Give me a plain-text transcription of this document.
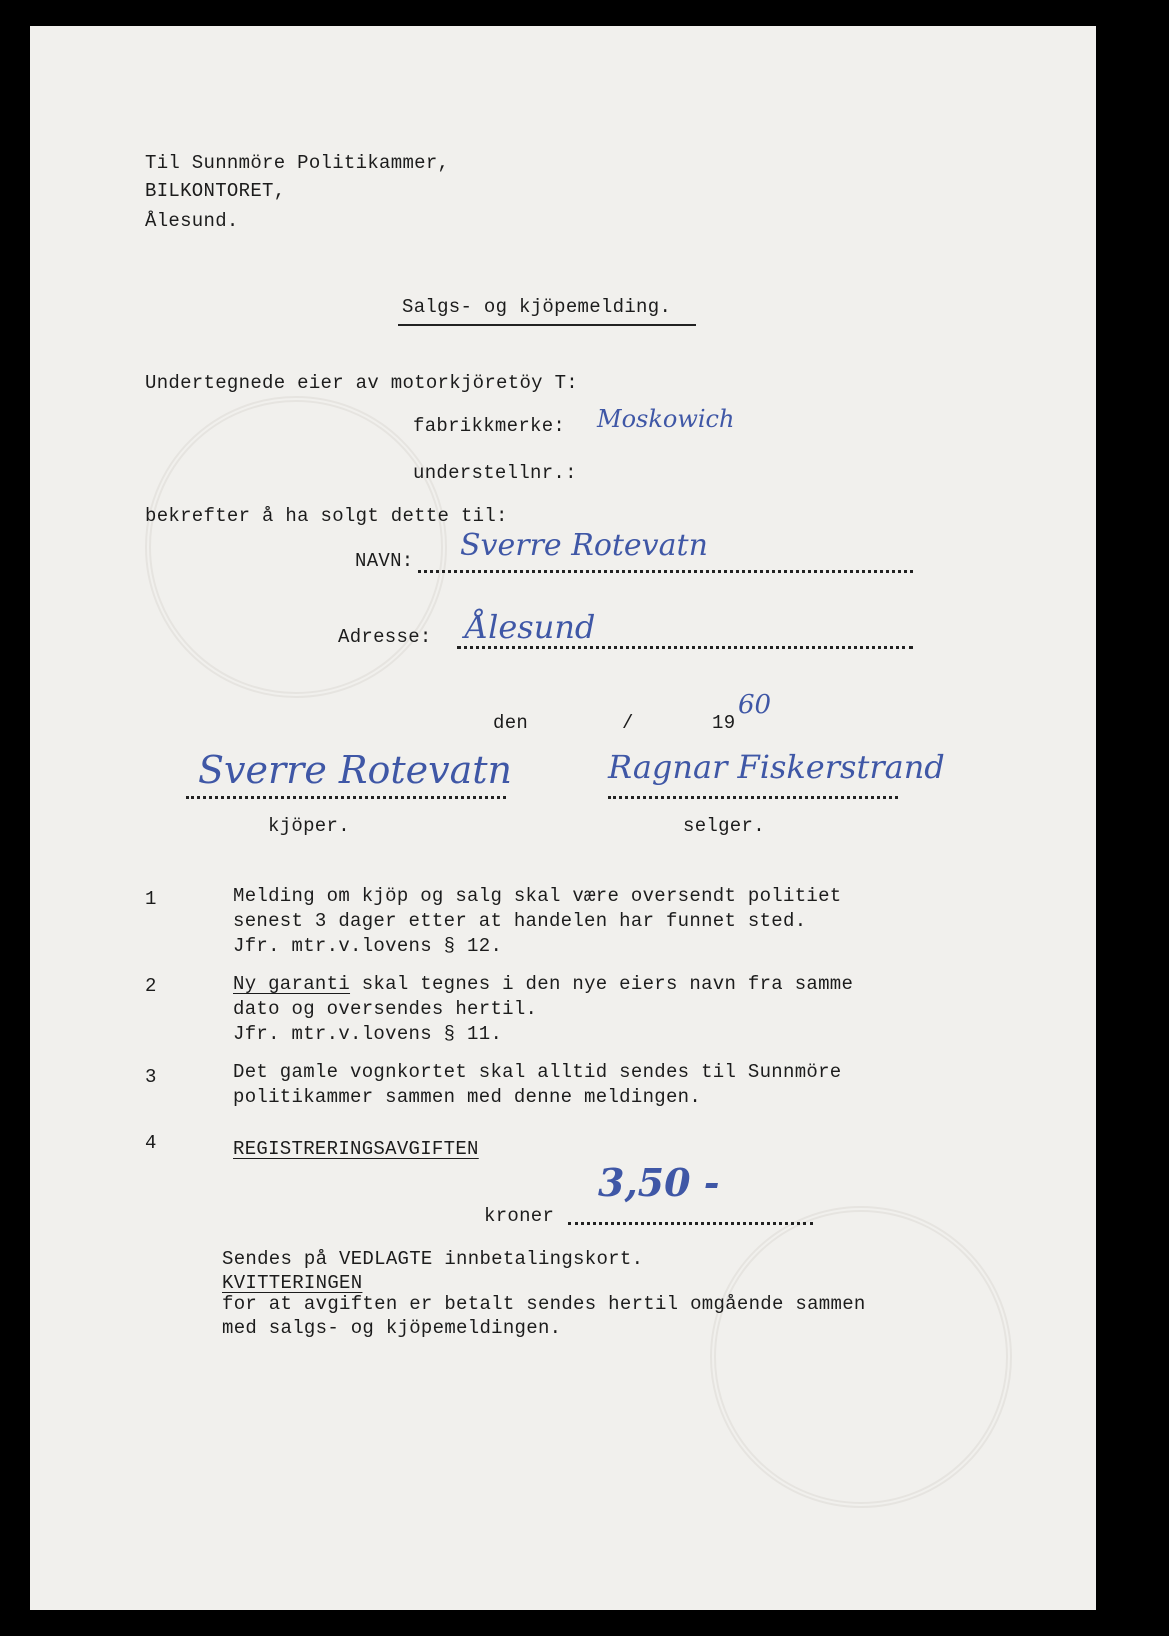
Til Sunnmöre Politikammer,
BILKONTORET,
Ålesund.
Salgs- og kjöpemelding.
Undertegnede eier av motorkjöretöy T:
fabrikkmerke: Moskowich
understellnr.:
bekrefter å ha solgt dette til:
NAVN: Sverre Rotevatn
Adresse: Ålesund
den	/	19
60
Sverre Rotevatn
kjöper.
Ragnar Fiskerstrand
selger.
1	Melding om kjöp og salg skal være oversendt politiet
senest 3 dager etter at handelen har funnet sted.
Jfr. mtr.v.lovens § 12.
2	Ny garanti skal tegnes i den nye eiers navn fra samme
dato og oversendes hertil.
Jfr. mtr.v.lovens § 11.
3	Det gamle vognkortet skal alltid sendes til Sunnmöre
politikammer sammen med denne meldingen.
4	REGISTRERINGSAVGIFTEN
kroner
3,50 -
Sendes på VEDLAGTE innbetalingskort.
KVITTERINGEN
for at avgiften er betalt sendes hertil omgående sammen
med salgs- og kjöpemeldingen.
